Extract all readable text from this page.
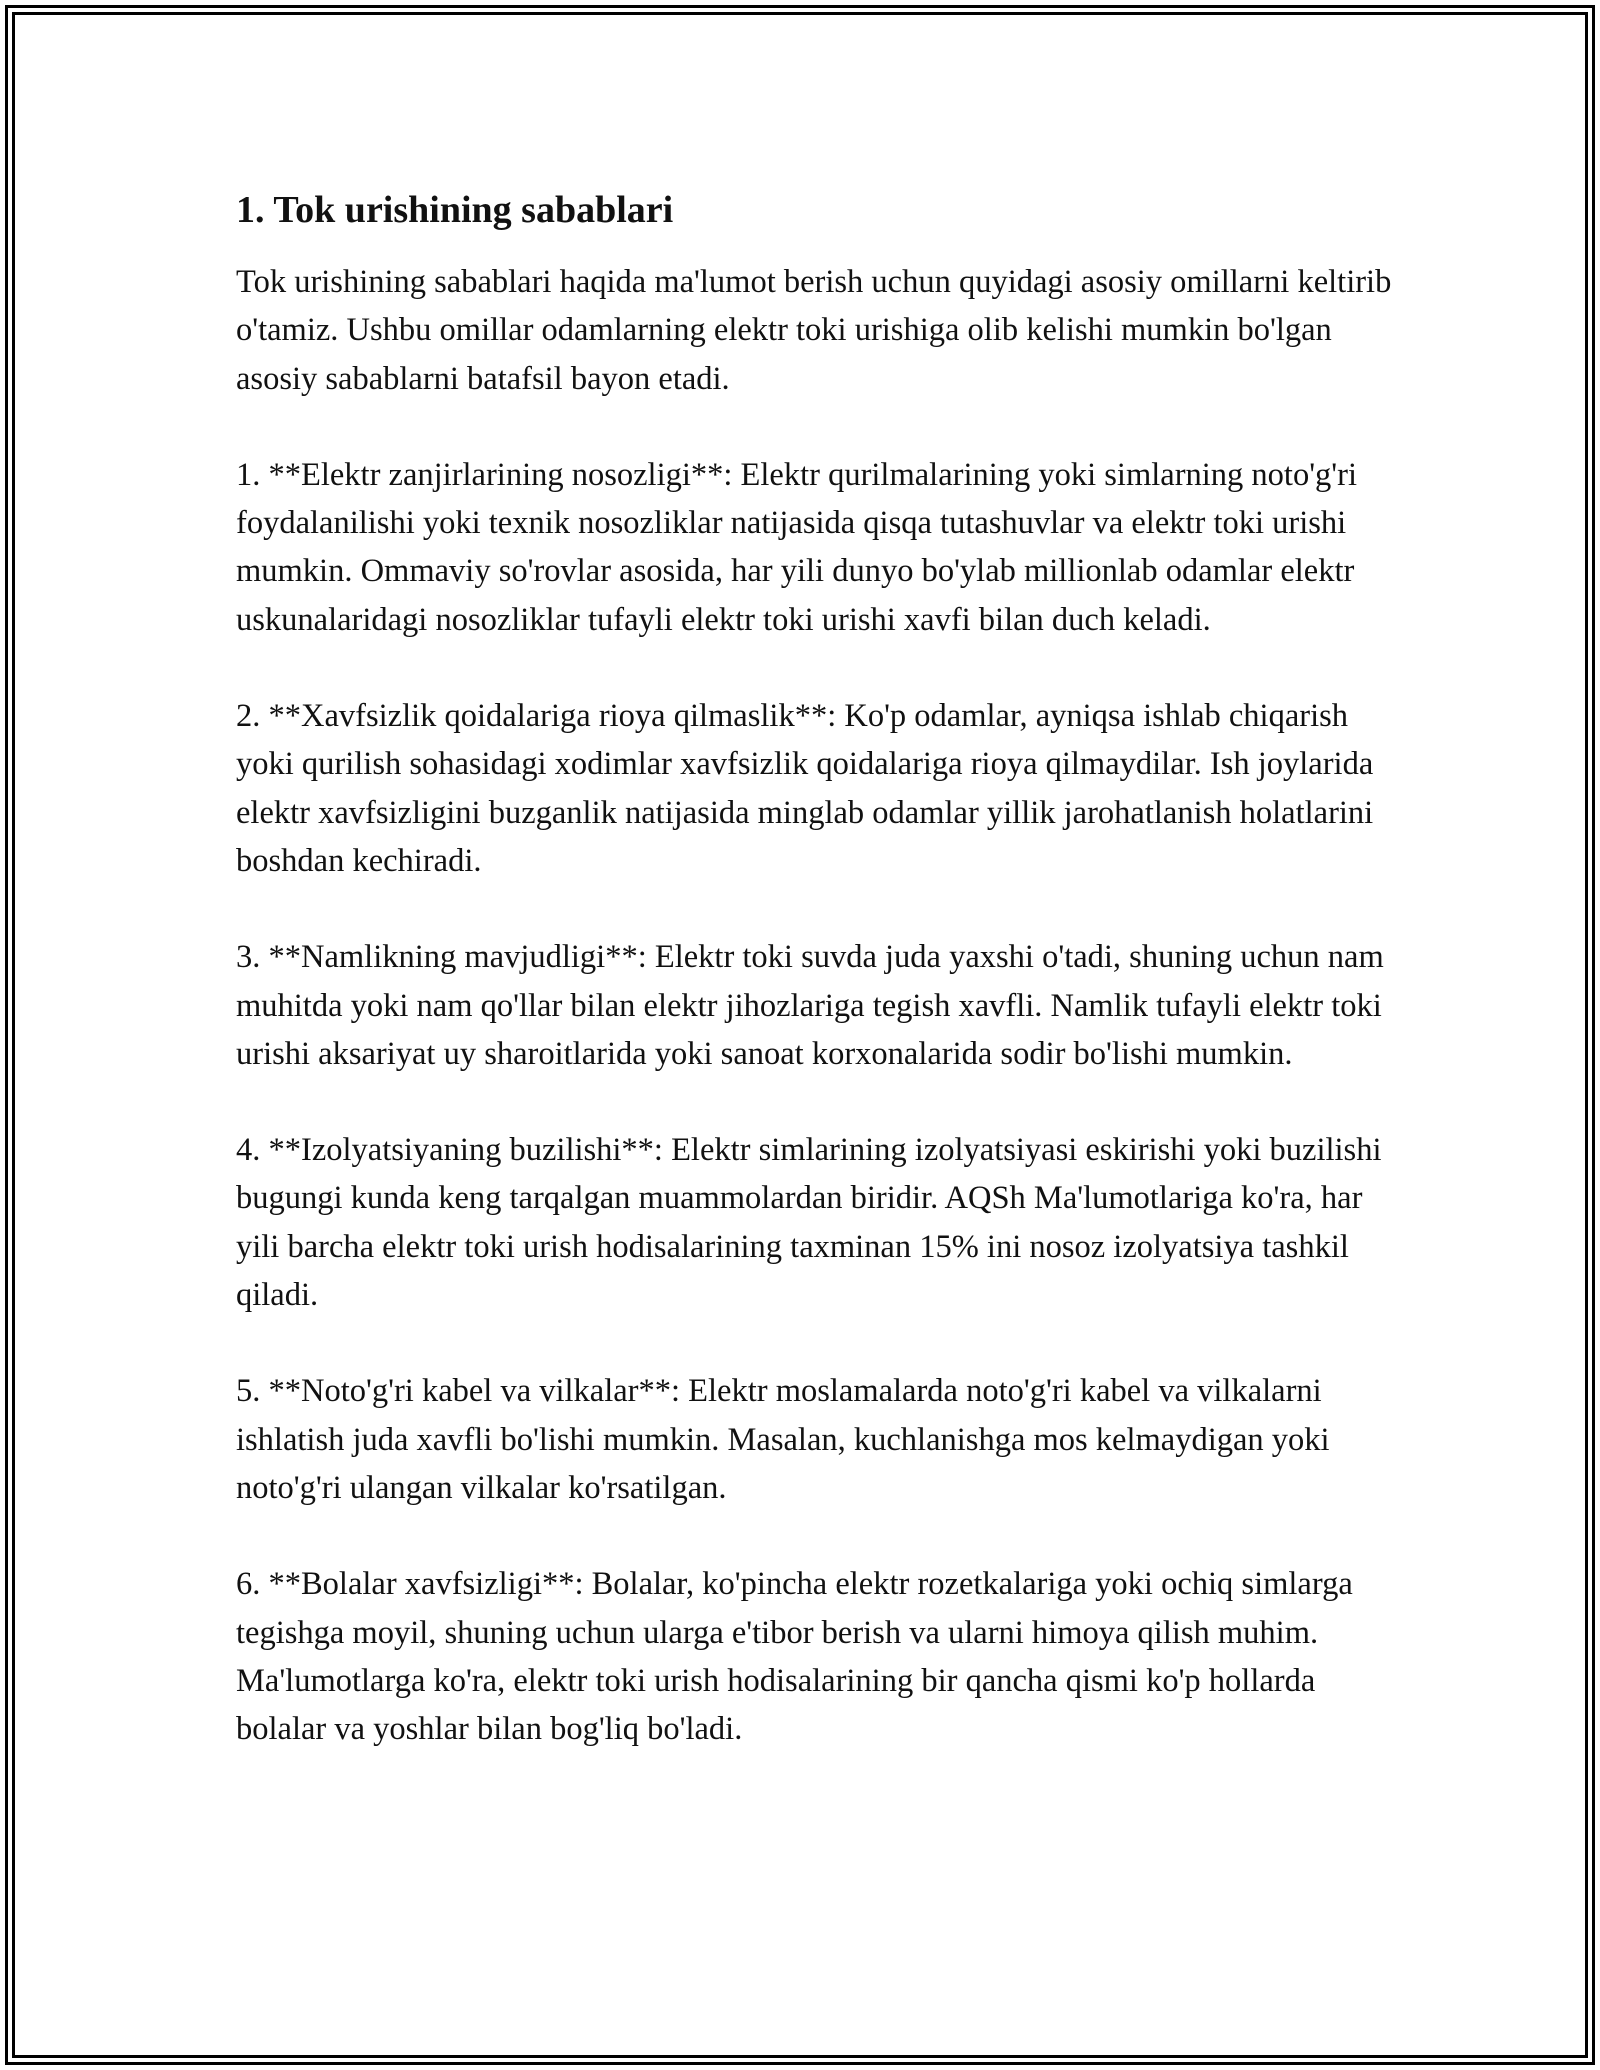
1. Tok urishining sabablari

Tok urishining sabablari haqida ma'lumot berish uchun quyidagi asosiy omillarni keltirib o'tamiz. Ushbu omillar odamlarning elektr toki urishiga olib kelishi mumkin bo'lgan asosiy sabablarni batafsil bayon etadi.

1. **Elektr zanjirlarining nosozligi**: Elektr qurilmalarining yoki simlarning noto'g'ri foydalanilishi yoki texnik nosozliklar natijasida qisqa tutashuvlar va elektr toki urishi mumkin. Ommaviy so'rovlar asosida, har yili dunyo bo'ylab millionlab odamlar elektr uskunalaridagi nosozliklar tufayli elektr toki urishi xavfi bilan duch keladi.

2. **Xavfsizlik qoidalariga rioya qilmaslik**: Ko'p odamlar, ayniqsa ishlab chiqarish yoki qurilish sohasidagi xodimlar xavfsizlik qoidalariga rioya qilmaydilar. Ish joylarida elektr xavfsizligini buzganlik natijasida minglab odamlar yillik jarohatlanish holatlarini boshdan kechiradi.

3. **Namlikning mavjudligi**: Elektr toki suvda juda yaxshi o'tadi, shuning uchun nam muhitda yoki nam qo'llar bilan elektr jihozlariga tegish xavfli. Namlik tufayli elektr toki urishi aksariyat uy sharoitlarida yoki sanoat korxonalarida sodir bo'lishi mumkin.

4. **Izolyatsiyaning buzilishi**: Elektr simlarining izolyatsiyasi eskirishi yoki buzilishi bugungi kunda keng tarqalgan muammolardan biridir. AQSh Ma'lumotlariga ko'ra, har yili barcha elektr toki urish hodisalarining taxminan 15% ini nosoz izolyatsiya tashkil qiladi.

5. **Noto'g'ri kabel va vilkalar**: Elektr moslamalarda noto'g'ri kabel va vilkalarni ishlatish juda xavfli bo'lishi mumkin. Masalan, kuchlanishga mos kelmaydigan yoki noto'g'ri ulangan vilkalar ko'rsatilgan.

6. **Bolalar xavfsizligi**: Bolalar, ko'pincha elektr rozetkalariga yoki ochiq simlarga tegishga moyil, shuning uchun ularga e'tibor berish va ularni himoya qilish muhim. Ma'lumotlarga ko'ra, elektr toki urish hodisalarining bir qancha qismi ko'p hollarda bolalar va yoshlar bilan bog'liq bo'ladi.
